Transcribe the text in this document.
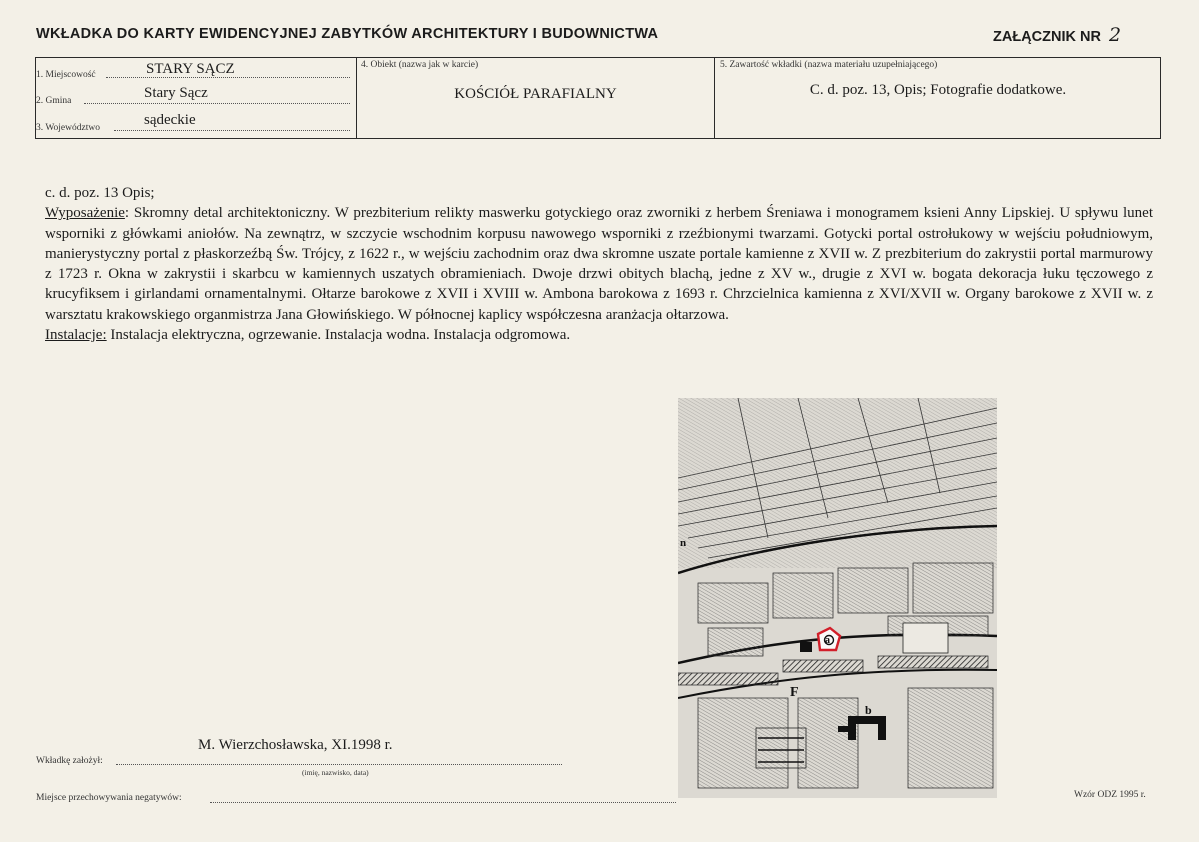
WKŁADKA DO KARTY EWIDENCYJNEJ ZABYTKÓW ARCHITEKTURY I BUDOWNICTWA	ZAŁĄCZNIK NR 2
1. Miejscowość	STARY SĄCZ
2. Gmina	Stary Sącz
3. Województwo	sądeckie
4. Obiekt (nazwa jak w karcie)
KOŚCIÓŁ PARAFIALNY
5. Zawartość wkładki (nazwa materiału uzupełniającego)
C. d. poz. 13, Opis; Fotografie dodatkowe.

c. d. poz. 13 Opis;

Wyposażenie: Skromny detal architektoniczny. W prezbiterium relikty maswerku gotyckiego oraz zworniki z herbem Śreniawa i monogramem ksieni Anny Lipskiej. U spływu lunet wsporniki z główkami aniołów. Na zewnątrz, w szczycie wschodnim korpusu nawowego wsporniki z rzeźbionymi twarzami. Gotycki portal ostrołukowy w wejściu południowym, manierystyczny portal z płaskorzeźbą Św. Trójcy, z 1622 r., w wejściu zachodnim oraz dwa skromne uszate portale kamienne z XVII w. Z prezbiterium do zakrystii portal marmurowy z 1723 r. Okna w zakrystii i skarbcu w kamiennych uszatych obramieniach. Dwoje drzwi obitych blachą, jedne z XV w., drugie z XVI w. bogata dekoracja łuku tęczowego z krucyfiksem i girlandami ornamentalnymi. Ołtarze barokowe z XVII i XVIII w. Ambona barokowa z 1693 r. Chrzcielnica kamienna z XVI/XVII w. Organy barokowe z XVII w. z warsztatu krakowskiego organmistrza Jana Głowińskiego. W północnej kaplicy współczesna aranżacja ołtarzowa.

Instalacje: Instalacja elektryczna, ogrzewanie. Instalacja wodna. Instalacja odgromowa.

n
F
b
a
M. Wierzchosławska, XI.1998 r.
Wkładkę założył:
(imię, nazwisko, data)
Miejsce przechowywania negatywów:	Wzór ODZ 1995 r.
